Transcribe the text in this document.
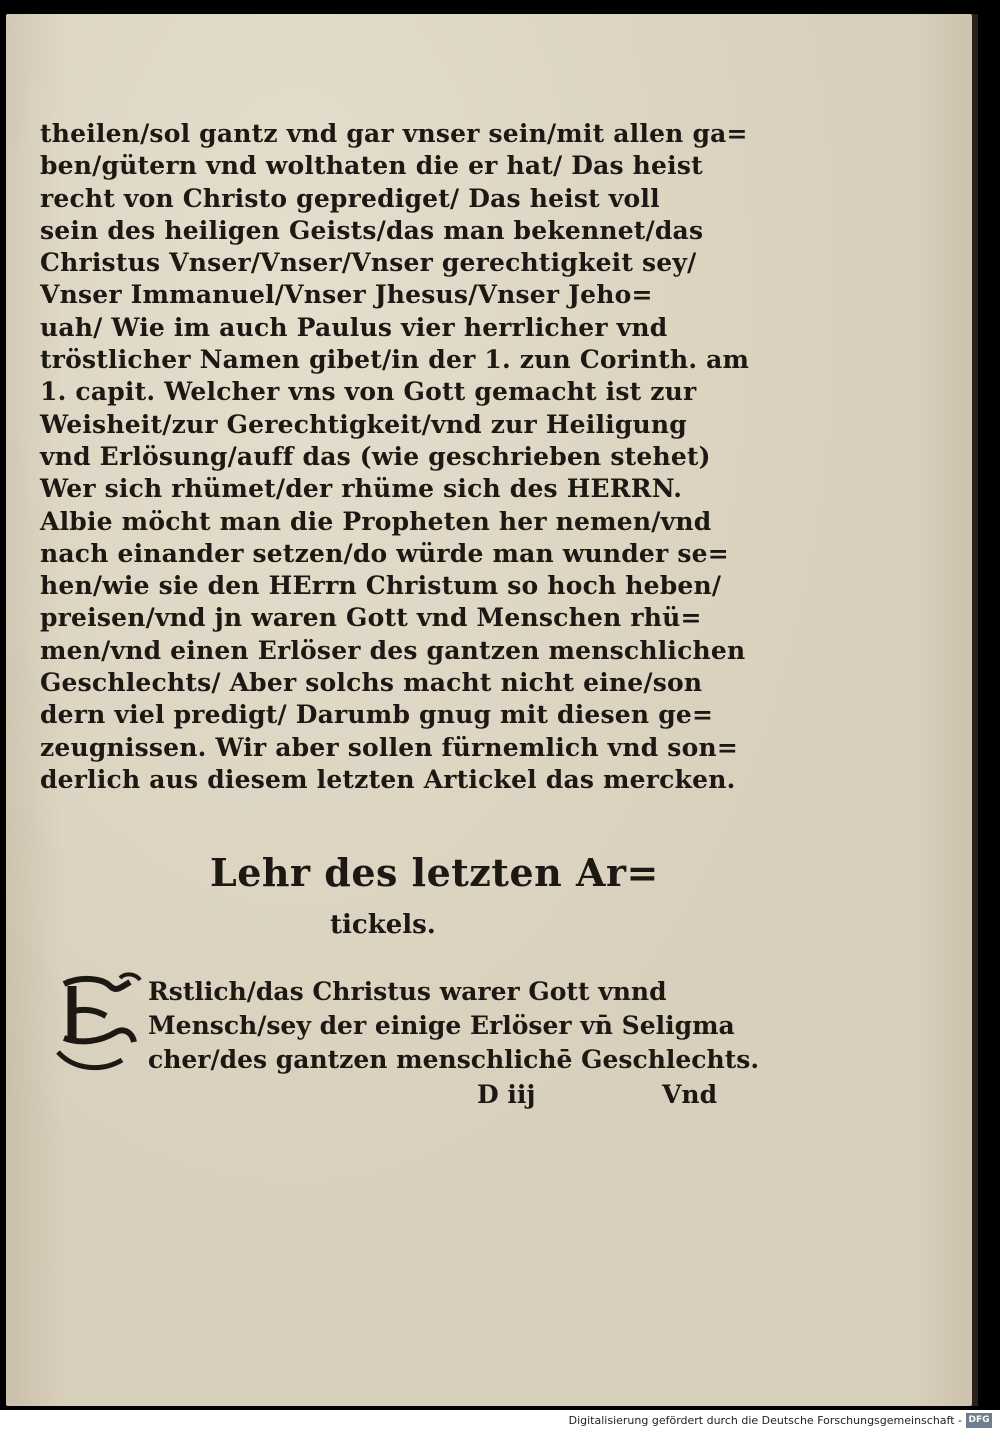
theilen/sol gantz vnd gar vnser sein/mit allen ga=
ben/gütern vnd wolthaten die er hat/ Das heist
recht von Christo geprediget/ Das heist voll
sein des heiligen Geists/das man bekennet/das
Christus Vnser/Vnser/Vnser gerechtigkeit sey/
Vnser Immanuel/Vnser Jhesus/Vnser Jeho=
uah/ Wie im auch Paulus vier herrlicher vnd
tröstlicher Namen gibet/in der 1. zun Corinth. am
1. capit. Welcher vns von Gott gemacht ist zur
Weisheit/zur Gerechtigkeit/vnd zur Heiligung
vnd Erlösung/auff das (wie geschrieben stehet)
Wer sich rhümet/der rhüme sich des HERRN.
Albie möcht man die Propheten her nemen/vnd
nach einander setzen/do würde man wunder se=
hen/wie sie den HErrn Christum so hoch heben/
preisen/vnd jn waren Gott vnd Menschen rhü=
men/vnd einen Erlöser des gantzen menschlichen
Geschlechts/ Aber solchs macht nicht eine/son
dern viel predigt/ Darumb gnug mit diesen ge=
zeugnissen. Wir aber sollen fürnemlich vnd son=
derlich aus diesem letzten Artickel das mercken.
Lehr des letzten Ar=
tickels.
Rstlich/das Christus warer Gott vnnd
Mensch/sey der einige Erlöser vn̄ Seligma
cher/des gantzen menschlichē Geschlechts.
D iij	Vnd
Digitalisierung gefördert durch die Deutsche Forschungsgemeinschaft - DFG
